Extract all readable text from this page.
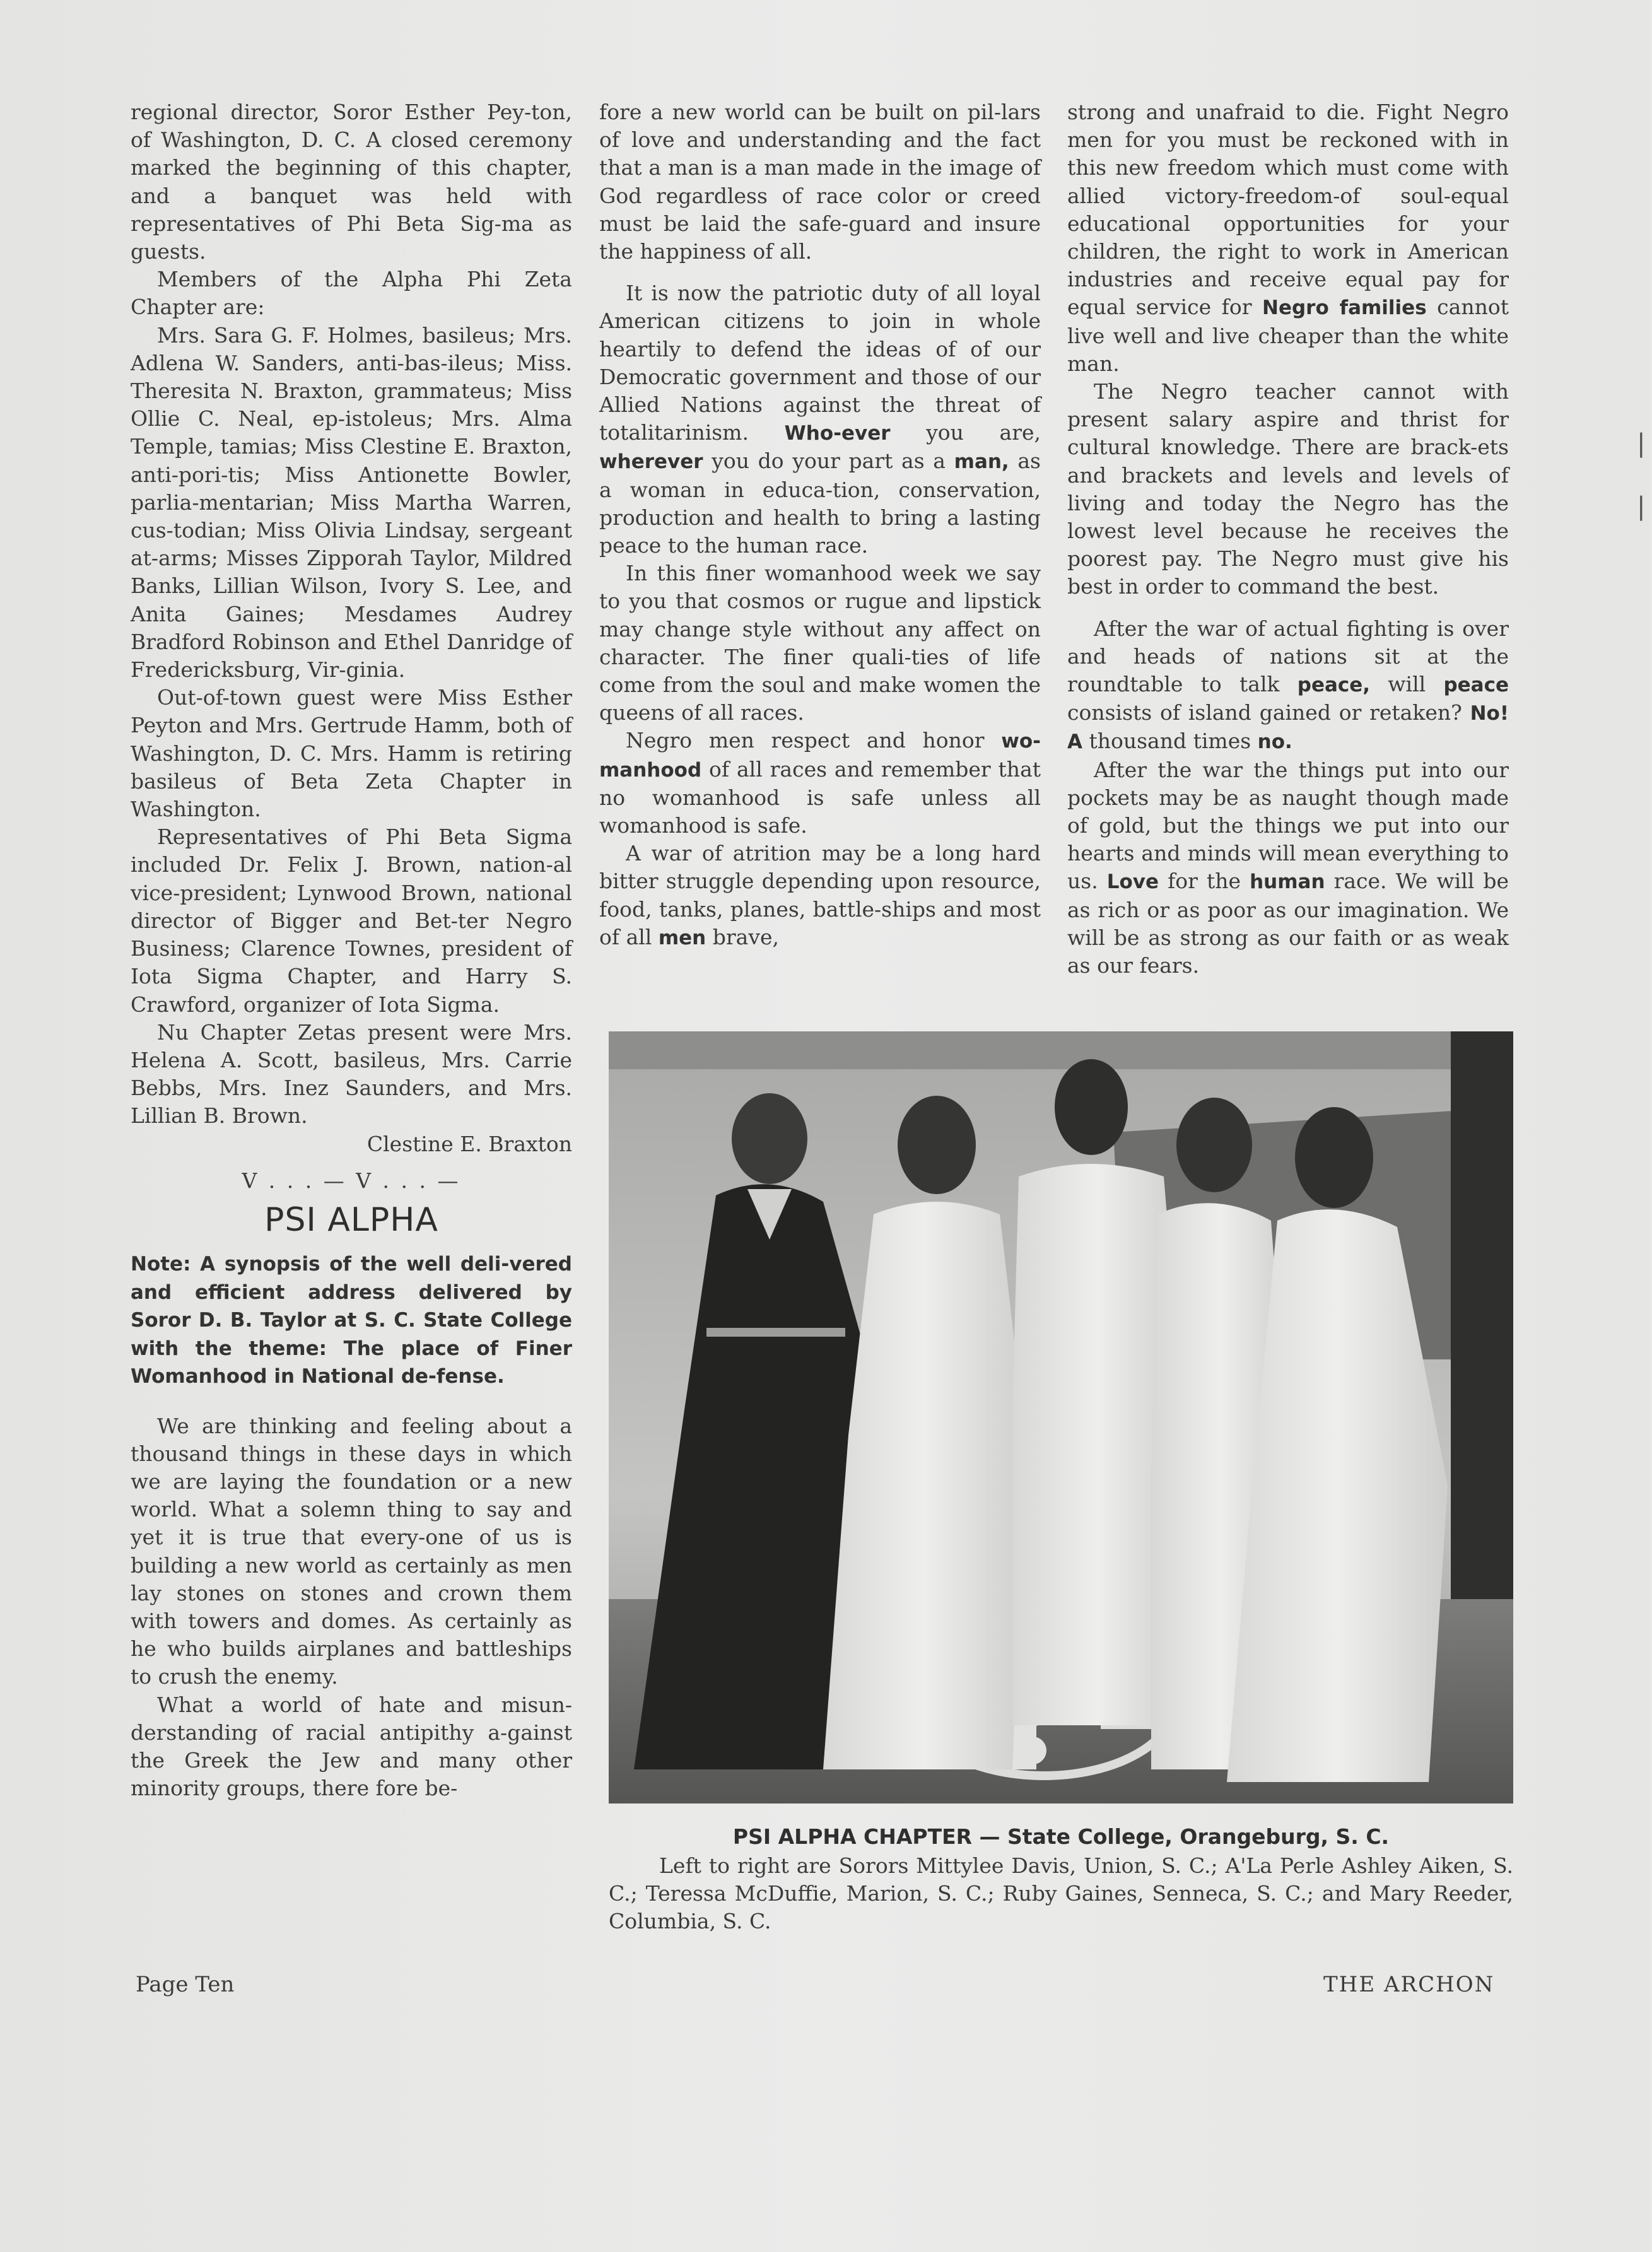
regional director, Soror Esther Pey-ton, of Washington, D. C. A closed ceremony marked the beginning of this chapter, and a banquet was held with representatives of Phi Beta Sig-ma as guests.

Members of the Alpha Phi Zeta Chapter are:

Mrs. Sara G. F. Holmes, basileus; Mrs. Adlena W. Sanders, anti-bas-ileus; Miss. Theresita N. Braxton, grammateus; Miss Ollie C. Neal, ep-istoleus; Mrs. Alma Temple, tamias; Miss Clestine E. Braxton, anti-pori-tis; Miss Antionette Bowler, parlia-mentarian; Miss Martha Warren, cus-todian; Miss Olivia Lindsay, sergeant at-arms; Misses Zipporah Taylor, Mildred Banks, Lillian Wilson, Ivory S. Lee, and Anita Gaines; Mesdames Audrey Bradford Robinson and Ethel Danridge of Fredericksburg, Vir-ginia.

Out-of-town guest were Miss Esther Peyton and Mrs. Gertrude Hamm, both of Washington, D. C. Mrs. Hamm is retiring basileus of Beta Zeta Chapter in Washington.

Representatives of Phi Beta Sigma included Dr. Felix J. Brown, nation-al vice-president; Lynwood Brown, national director of Bigger and Bet-ter Negro Business; Clarence Townes, president of Iota Sigma Chapter, and Harry S. Crawford, organizer of Iota Sigma.

Nu Chapter Zetas present were Mrs. Helena A. Scott, basileus, Mrs. Carrie Bebbs, Mrs. Inez Saunders, and Mrs. Lillian B. Brown.

Clestine E. Braxton

V . . . — V . . . —

PSI ALPHA
Note: A synopsis of the well deli-vered and efficient address delivered by Soror D. B. Taylor at S. C. State College with the theme: The place of Finer Womanhood in National de-fense.

We are thinking and feeling about a thousand things in these days in which we are laying the foundation or a new world. What a solemn thing to say and yet it is true that every-one of us is building a new world as certainly as men lay stones on stones and crown them with towers and domes. As certainly as he who builds airplanes and battleships to crush the enemy.

What a world of hate and misun-derstanding of racial antipithy a-gainst the Greek the Jew and many other minority groups, there fore be-

fore a new world can be built on pil-lars of love and understanding and the fact that a man is a man made in the image of God regardless of race color or creed must be laid the safe-guard and insure the happiness of all.

It is now the patriotic duty of all loyal American citizens to join in whole heartily to defend the ideas of of our Democratic government and those of our Allied Nations against the threat of totalitarinism. Who-ever you are, wherever you do your part as a man, as a woman in educa-tion, conservation, production and health to bring a lasting peace to the human race.

In this finer womanhood week we say to you that cosmos or rugue and lipstick may change style without any affect on character. The finer quali-ties of life come from the soul and make women the queens of all races.

Negro men respect and honor wo-manhood of all races and remember that no womanhood is safe unless all womanhood is safe.

A war of atrition may be a long hard bitter struggle depending upon resource, food, tanks, planes, battle-ships and most of all men brave,

strong and unafraid to die. Fight Negro men for you must be reckoned with in this new freedom which must come with allied victory-freedom-of soul-equal educational opportunities for your children, the right to work in American industries and receive equal pay for equal service for Negro families cannot live well and live cheaper than the white man.

The Negro teacher cannot with present salary aspire and thrist for cultural knowledge. There are brack-ets and brackets and levels and levels of living and today the Negro has the lowest level because he receives the poorest pay. The Negro must give his best in order to command the best.

After the war of actual fighting is over and heads of nations sit at the roundtable to talk peace, will peace consists of island gained or retaken? No! A thousand times no.

After the war the things put into our pockets may be as naught though made of gold, but the things we put into our hearts and minds will mean everything to us. Love for the human race. We will be as rich or as poor as our imagination. We will be as strong as our faith or as weak as our fears.

PSI ALPHA CHAPTER — State College, Orangeburg, S. C.
Left to right are Sorors Mittylee Davis, Union, S. C.; A'La Perle Ashley Aiken, S. C.; Teressa McDuffie, Marion, S. C.; Ruby Gaines, Senneca, S. C.; and Mary Reeder, Columbia, S. C.
Page Ten	THE ARCHON
❘
❘
